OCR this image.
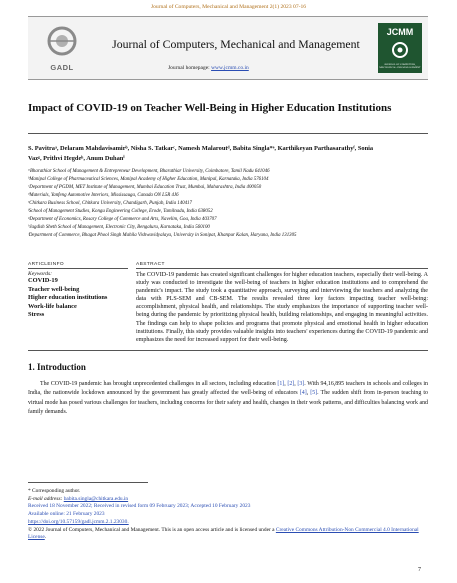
Journal of Computers, Mechanical and Management 2(1) 2023 07-16
GADL
Journal of Computers, Mechanical and Management
Journal homepage: www.jcmm.co.in
JCMM
JOURNAL OF COMPUTERS, MECHANICAL AND MANAGEMENT
Impact of COVID-19 on Teacher Well-Being in Higher Education Institutions
S. Pavitraᵃ, Delaram Mahdavisamirᵇ, Nisha S. Tatkarᶜ, Namesh Malaroutᵈ, Babita Singla*ᵉ, Karthikeyan Parthasarathyᶠ, Sonia
Vazᵍ, Prithvi Hegdeʰ, Anum Duhanⁱ
ᵃBharathiar School of Management & Entrepreneur Development, Bharathiar University, Coimbatore, Tamil Nadu 641046
ᵇManipal College of Pharmaceutical Sciences, Manipal Academy of Higher Education, Manipal, Karnataka, India 576104
ᶜDepartment of PGDM, MET Institute of Management, Mumbai Education Trust, Mumbai, Maharashtra, India 400050
ᵈMaterials, Yanfeng Automotive Interiors, Mississauga, Canada ON L5R 4J6
ᵉChitkara Business School, Chitkara University, Chandigarh, Punjab, India 140417
ᶠSchool of Management Studies, Kongu Engineering College, Erode, Tamilnadu, India 638052
ᵍDepartment of Economics, Rosary College of Commerce and Arts, Navelim, Goa, India 403707
ʰJagdish Sheth School of Management, Electronic City, Bengaluru, Karnataka, India 560100
ⁱDepartment of Commerce, Bhagat Phool Singh Mahila Vishwavidyalaya, University in Sonipat, Khanpur Kalan, Haryana, India 131305
ARTICLEINFO
Keywords:
COVID-19
Teacher well-being
Higher education institutions
Work-life balance
Stress
ABSTRACT
The COVID-19 pandemic has created significant challenges for higher education teachers, especially their well-being. A study was conducted to investigate the well-being of teachers in higher education institutions and to comprehend the pandemic's impact. The study took a quantitative approach, surveying and interviewing the teachers and analyzing the data with PLS-SEM and CB-SEM. The results revealed three key factors impacting teacher well-being: accomplishment, physical health, and relationships. The study emphasizes the importance of supporting teacher well-being during the pandemic by prioritizing physical health, building relationships, and engaging in meaningful activities. The findings can help to shape policies and programs that promote physical and emotional health in higher education institutions. Finally, this study provides valuable insights into teachers' experiences during the COVID-19 pandemic and emphasizes the need for increased support for their well-being.
1. Introduction
The COVID-19 pandemic has brought unprecedented challenges in all sectors, including education [1], [2], [3]. With 94,16,895 teachers in schools and colleges in India, the nationwide lockdown announced by the government has greatly affected the well-being of educators [4], [5]. The sudden shift from in-person teaching to virtual mode has posed various challenges for teachers, including concerns for their safety and health, changes in their work patterns, and difficulties balancing work and family demands.
* Corresponding author.
E-mail address: babita.singla@chitkara.edu.in
Received 18 November 2022; Received in revised form 09 February 2023; Accepted 10 February 2023
Available online: 21 February 2023
https://doi.org/10.57159/gadl.jcmm.2.1.23030.
© 2022 Journal of Computers, Mechanical and Management. This is an open access article and is licensed under a Creative Commons Attribution-Non Commercial 4.0 International License.
7
